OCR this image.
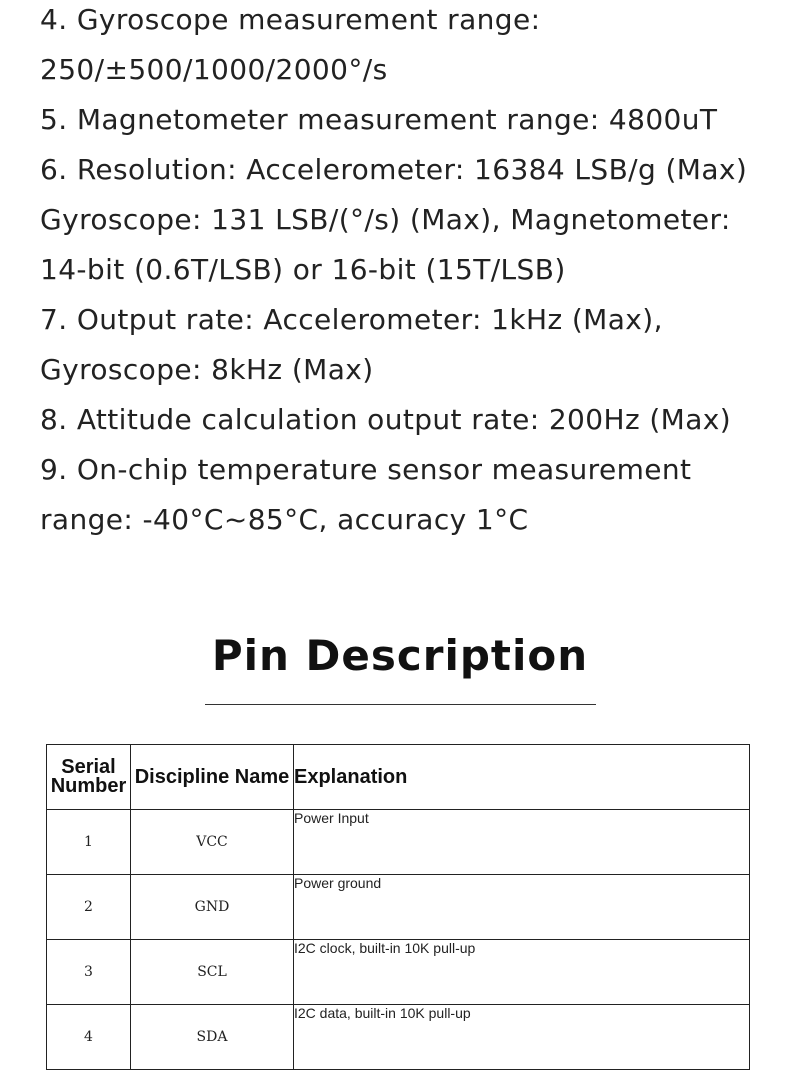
4. Gyroscope measurement range:
250/±500/1000/2000°/s
5. Magnetometer measurement range: 4800uT
6. Resolution: Accelerometer: 16384 LSB/g (Max)
Gyroscope: 131 LSB/(°/s) (Max), Magnetometer:
14-bit (0.6T/LSB) or 16-bit (15T/LSB)
7. Output rate: Accelerometer: 1kHz (Max),
Gyroscope: 8kHz (Max)
8. Attitude calculation output rate: 200Hz (Max)
9. On-chip temperature sensor measurement
range: -40°C~85°C, accuracy 1°C
Pin Description
Serial
Number	Discipline Name	Explanation
1	VCC	Power Input
2	GND	Power ground
3	SCL	I2C clock, built-in 10K pull-up
4	SDA	I2C data, built-in 10K pull-up
